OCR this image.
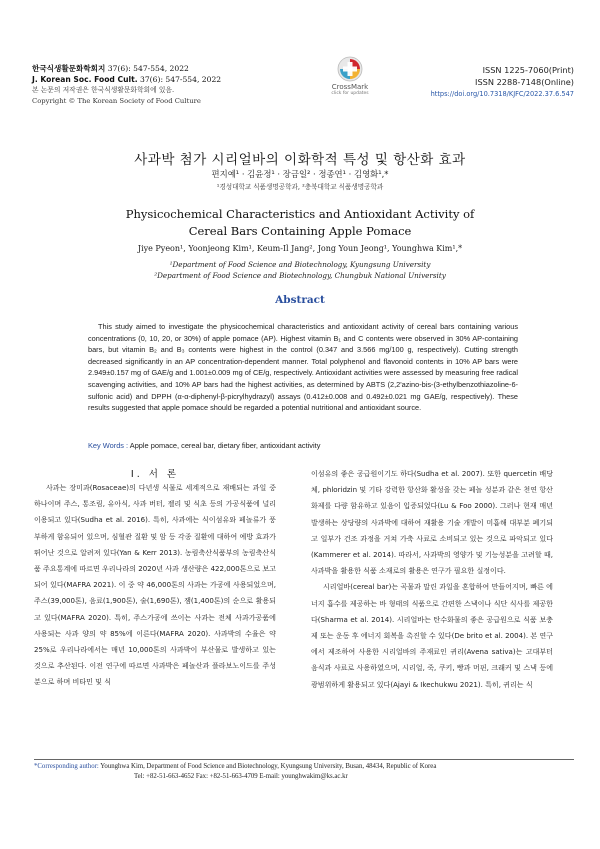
한국식생활문화학회지 37(6): 547-554, 2022
J. Korean Soc. Food Cult. 37(6): 547-554, 2022
본 논문의 저작권은 한국식생활문화학회에 있음.
Copyright © The Korean Society of Food Culture
CrossMark
click for updates
ISSN 1225-7060(Print)
ISSN 2288-7148(Online)
https://doi.org/10.7318/KJFC/2022.37.6.547
사과박 첨가 시리얼바의 이화학적 특성 및 항산화 효과
편지예¹ · 김윤정¹ · 장금일² · 정종연¹ · 김영화¹,*
¹경성대학교 식품생명공학과, ²충북대학교 식품생명공학과
Physicochemical Characteristics and Antioxidant Activity of
Cereal Bars Containing Apple Pomace
Jiye Pyeon¹, Yoonjeong Kim¹, Keum-Il Jang², Jong Youn Jeong¹, Younghwa Kim¹,*
¹Department of Food Science and Biotechnology, Kyungsung University
²Department of Food Science and Biotechnology, Chungbuk National University
Abstract
This study aimed to investigate the physicochemical characteristics and antioxidant activity of cereal bars containing various concentrations (0, 10, 20, or 30%) of apple pomace (AP). Highest vitamin B₁ and C contents were observed in 30% AP-containing bars, but vitamin B₂ and B₃ contents were highest in the control (0.347 and 3.566 mg/100 g, respectively). Cutting strength decreased significantly in an AP concentration-dependent manner. Total polyphenol and flavonoid contents in 10% AP bars were 2.949±0.157 mg of GAE/g and 1.001±0.009 mg of CE/g, respectively. Antioxidant activities were assessed by measuring free radical scavenging activities, and 10% AP bars had the highest activities, as determined by ABTS (2,2'azino-bis-(3-ethylbenzothiazoline-6-sulfonic acid) and DPPH (α-α-diphenyl-β-picrylhydrazyl) assays (0.412±0.008 and 0.492±0.021 mg GAE/g, respectively). These results suggested that apple pomace should be regarded a potential nutritional and antioxidant source.
Key Words : Apple pomace, cereal bar, dietary fiber, antioxidant activity
Ⅰ. 서 론

사과는 장미과(Rosaceae)의 다년생 식물로 세계적으로 재배되는 과일 중 하나이며 주스, 통조림, 유아식, 사과 버터, 젤리 및 식초 등의 가공식품에 널리 이용되고 있다(Sudha et al. 2016). 특히, 사과에는 식이섬유와 페놀류가 풍부하게 함유되어 있으며, 심혈관 질환 및 암 등 각종 질환에 대하여 예방 효과가 뛰어난 것으로 알려져 있다(Yan & Kerr 2013). 농림축산식품부의 농림축산식품 주요통계에 따르면 우리나라의 2020년 사과 생산량은 422,000톤으로 보고되어 있다(MAFRA 2021). 이 중 약 46,000톤의 사과는 가공에 사용되었으며, 주스(39,000톤), 음료(1,900톤), 술(1,690톤), 잼(1,400톤)의 순으로 활용되고 있다(MAFRA 2020). 특히, 주스가공에 쓰이는 사과는 전체 사과가공품에 사용되는 사과 양의 약 85%에 이른다(MAFRA 2020). 사과박의 수율은 약 25%로 우리나라에서는 매년 10,000톤의 사과박이 부산물로 발생하고 있는 것으로 추산된다. 이전 연구에 따르면 사과박은 페놀산과 플라보노이드를 주성분으로 하며 비타민 및 식

이섬유의 좋은 공급원이기도 하다(Sudha et al. 2007). 또한 quercetin 배당체, phloridzin 및 기타 강력한 항산화 활성을 갖는 페놀 성분과 같은 천연 항산화제를 다량 함유하고 있음이 입증되었다(Lu & Foo 2000). 그러나 현재 매년 발생하는 상당량의 사과박에 대하여 재활용 기술 개발이 미흡해 대부분 폐기되고 일부가 건조 과정을 거쳐 가축 사료로 소비되고 있는 것으로 파악되고 있다(Kammerer et al. 2014). 따라서, 사과박의 영양가 및 기능성분을 고려할 때, 사과박을 활용한 식품 소재로의 활용은 연구가 필요한 실정이다.

시리얼바(cereal bar)는 곡물과 말린 과일을 혼합하여 만들어지며, 빠른 에너지 흡수를 제공하는 바 형태의 식품으로 간편한 스낵이나 식단 식사를 제공한다(Sharma et al. 2014). 시리얼바는 탄수화물의 좋은 공급원으로 식품 보충제 또는 운동 후 에너지 회복을 촉진할 수 있다(De brito et al. 2004). 본 연구에서 제조하여 사용한 시리얼바의 주재료인 귀리(Avena sativa)는 고대부터 음식과 사료로 사용하였으며, 시리얼, 죽, 쿠키, 빵과 머핀, 크래커 및 스낵 등에 광범위하게 활용되고 있다(Ajayi & Ikechukwu 2021). 특히, 귀리는 식

*Corresponding author: Younghwa Kim, Department of Food Science and Biotechnology, Kyungsung University, Busan, 48434, Republic of Korea
Tel: +82-51-663-4652 Fax: +82-51-663-4709 E-mail: younghwakim@ks.ac.kr
